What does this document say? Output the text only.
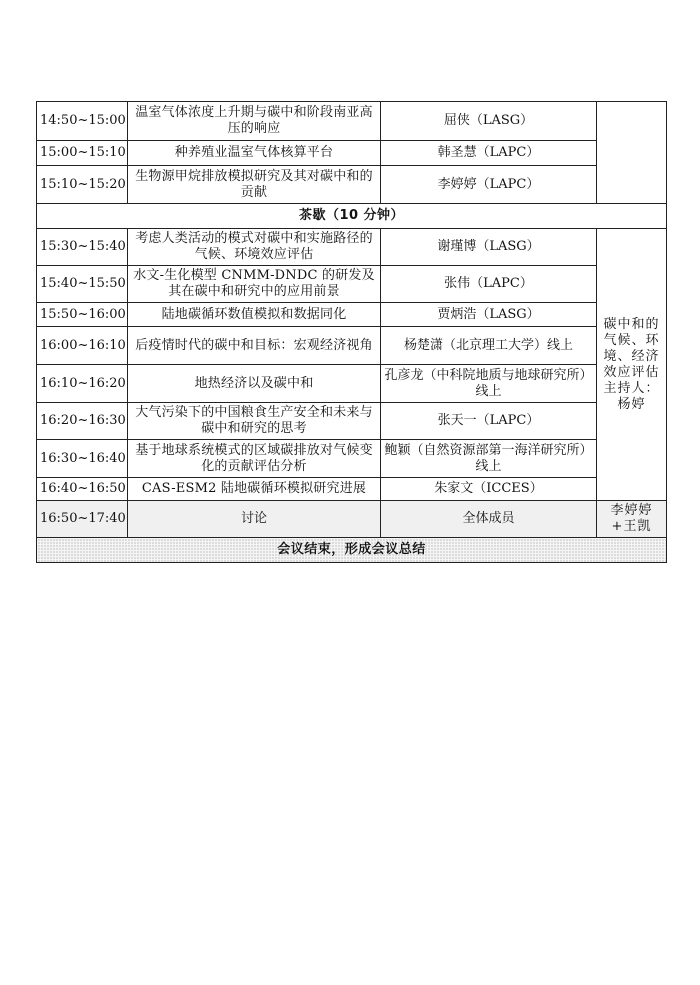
14:50~15:00	温室气体浓度上升期与碳中和阶段南亚高压的响应	屈侠（LASG）	
15:00~15:10	种养殖业温室气体核算平台	韩圣慧（LAPC）	
15:10~15:20	生物源甲烷排放模拟研究及其对碳中和的贡献	李婷婷（LAPC）	
茶歇（10 分钟）			
15:30~15:40	考虑人类活动的模式对碳中和实施路径的气候、环境效应评估	谢瑾博（LASG）	碳中和的气候、环境、经济效应评估主持人：杨婷
15:40~15:50	水文-生化模型 CNMM-DNDC 的研发及其在碳中和研究中的应用前景	张伟（LAPC）	
15:50~16:00	陆地碳循环数值模拟和数据同化	贾炳浩（LASG）	
16:00~16:10	后疫情时代的碳中和目标：宏观经济视角	杨楚潇（北京理工大学）线上	
16:10~16:20	地热经济以及碳中和	孔彦龙（中科院地质与地球研究所）线上	
16:20~16:30	大气污染下的中国粮食生产安全和未来与碳中和研究的思考	张天一（LAPC）	
16:30~16:40	基于地球系统模式的区域碳排放对气候变化的贡献评估分析	鲍颖（自然资源部第一海洋研究所）线上	
16:40~16:50	CAS-ESM2 陆地碳循环模拟研究进展	朱家文（ICCES）	
16:50~17:40	讨论	全体成员	李婷婷+王凯
会议结束，形成会议总结			
